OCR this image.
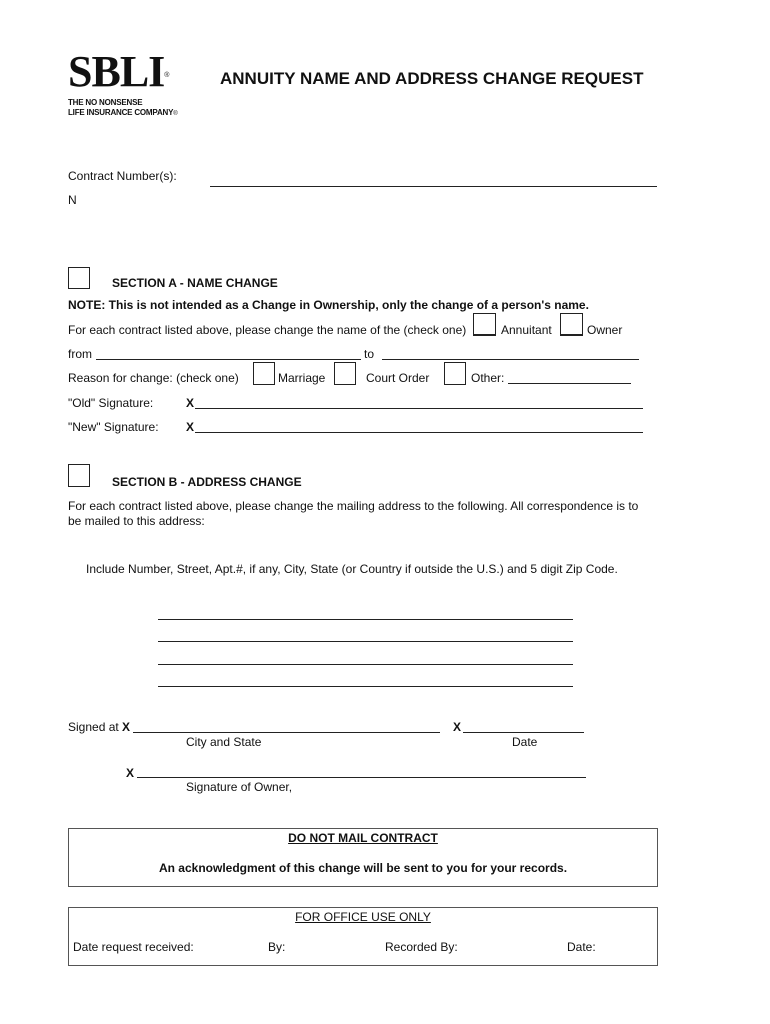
SBLI®
THE NO NONSENSE
LIFE INSURANCE COMPANY®
ANNUITY NAME AND ADDRESS CHANGE REQUEST
Contract Number(s):
N
SECTION A - NAME CHANGE
NOTE: This is not intended as a Change in Ownership, only the change of a person's name.
For each contract listed above, please change the name of the (check one)	Annuitant	Owner
from	to
Reason for change: (check one)	Marriage	Court Order	Other:
"Old" Signature:	X
"New" Signature: X
SECTION B - ADDRESS CHANGE
For each contract listed above, please change the mailing address to the following. All correspondence is to
be mailed to this address:
Include Number, Street, Apt.#, if any, City, State (or Country if outside the U.S.) and 5 digit Zip Code.
Signed at X	X
City and State	Date
X
Signature of Owner,
DO NOT MAIL CONTRACT
An acknowledgment of this change will be sent to you for your records.
FOR OFFICE USE ONLY
Date request received:	By:	Recorded By:	Date:
